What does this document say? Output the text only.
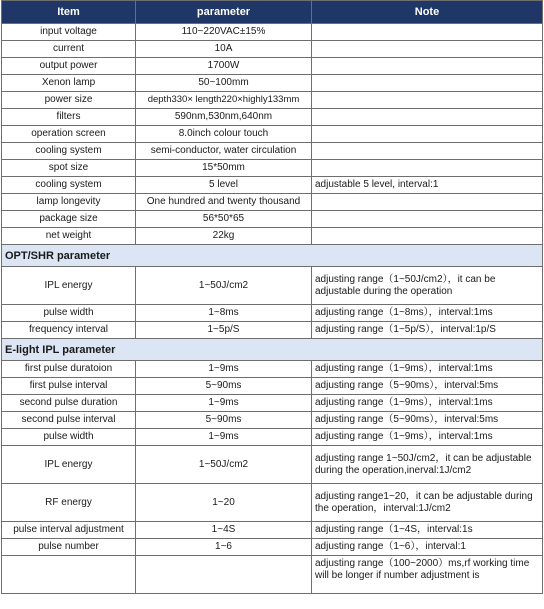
Item	parameter	Note
input voltage	110~220VAC±15%	
current	10A	
output power	1700W	
Xenon lamp	50~100mm	
power size	depth330× length220×highly133mm	
filters	590nm,530nm,640nm	
operation screen	8.0inch colour touch	
cooling system	semi-conductor, water circulation	
spot size	15*50mm	
cooling system	5 level	adjustable 5 level, interval:1
lamp longevity	One hundred and twenty thousand	
package size	56*50*65	
net weight	22kg	
OPT/SHR parameter		
IPL energy	1~50J/cm2	adjusting range（1~50J/cm2），it can be adjustable during the operation
pulse width	1~8ms	adjusting range（1~8ms），interval:1ms
frequency interval	1~5p/S	adjusting range（1~5p/S），interval:1p/S
E-light IPL parameter		
first pulse duratoion	1~9ms	adjusting range（1~9ms），interval:1ms
first pulse interval	5~90ms	adjusting range（5~90ms），interval:5ms
second pulse duration	1~9ms	adjusting range（1~9ms），interval:1ms
second pulse interval	5~90ms	adjusting range（5~90ms），interval:5ms
pulse width	1~9ms	adjusting range（1~9ms），interval:1ms
IPL energy	1~50J/cm2	adjusting range 1~50J/cm2，it can be adjustable during the operation,inerval:1J/cm2
RF energy	1~20	adjusting range1~20，it can be adjustable during the operation，interval:1J/cm2
pulse interval adjustment	1~4S	adjusting range（1~4S，interval:1s
pulse number	1~6	adjusting range（1~6），interval:1
		adjusting range（100~2000）ms,rf working time will be longer if number adjustment is
